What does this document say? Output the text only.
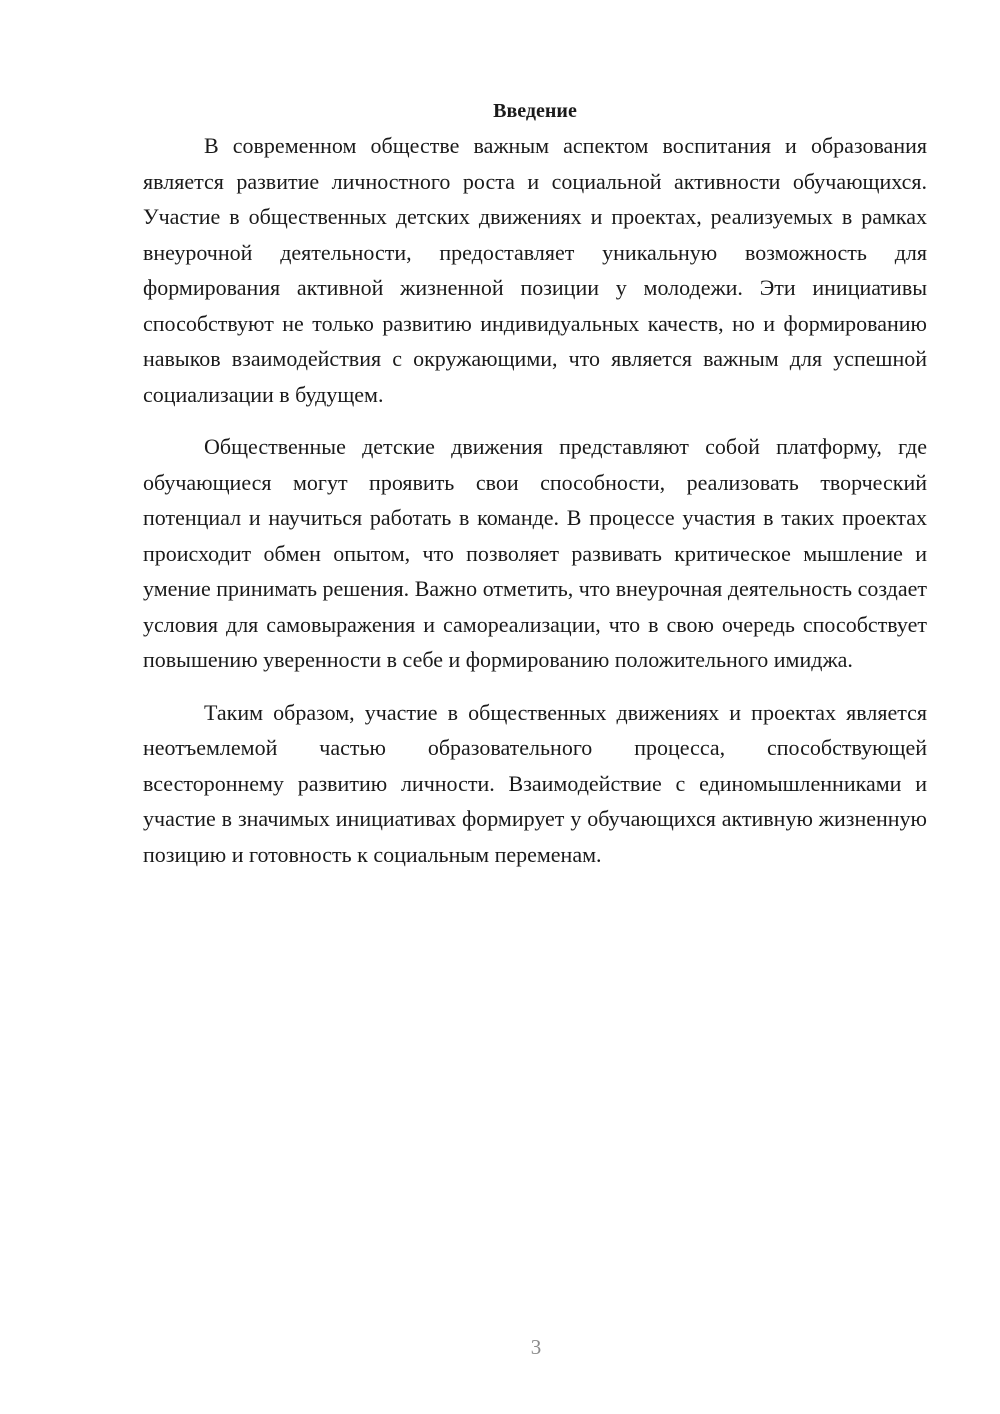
Введение

В современном обществе важным аспектом воспитания и образования является развитие личностного роста и социальной активности обучающихся. Участие в общественных детских движениях и проектах, реализуемых в рамках внеурочной деятельности, предоставляет уникальную возможность для формирования активной жизненной позиции у молодежи. Эти инициативы способствуют не только развитию индивидуальных качеств, но и формированию навыков взаимодействия с окружающими, что является важным для успешной социализации в будущем.

Общественные детские движения представляют собой платформу, где обучающиеся могут проявить свои способности, реализовать творческий потенциал и научиться работать в команде. В процессе участия в таких проектах происходит обмен опытом, что позволяет развивать критическое мышление и умение принимать решения. Важно отметить, что внеурочная деятельность создает условия для самовыражения и самореализации, что в свою очередь способствует повышению уверенности в себе и формированию положительного имиджа.

Таким образом, участие в общественных движениях и проектах является неотъемлемой частью образовательного процесса, способствующей всестороннему развитию личности. Взаимодействие с единомышленниками и участие в значимых инициативах формирует у обучающихся активную жизненную позицию и готовность к социальным переменам.

3
